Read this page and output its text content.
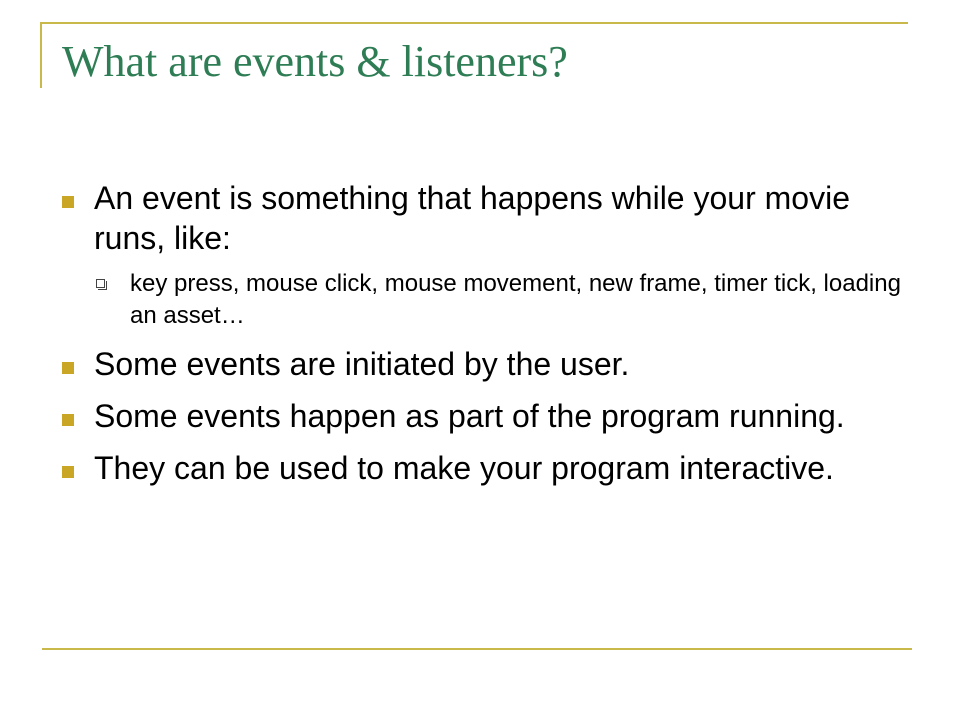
What are events & listeners?
An event is something that happens while your movie runs, like:
key press, mouse click, mouse movement, new frame, timer tick, loading an asset…
Some events are initiated by the user.
Some events happen as part of the program running.
They can be used to make your program interactive.
